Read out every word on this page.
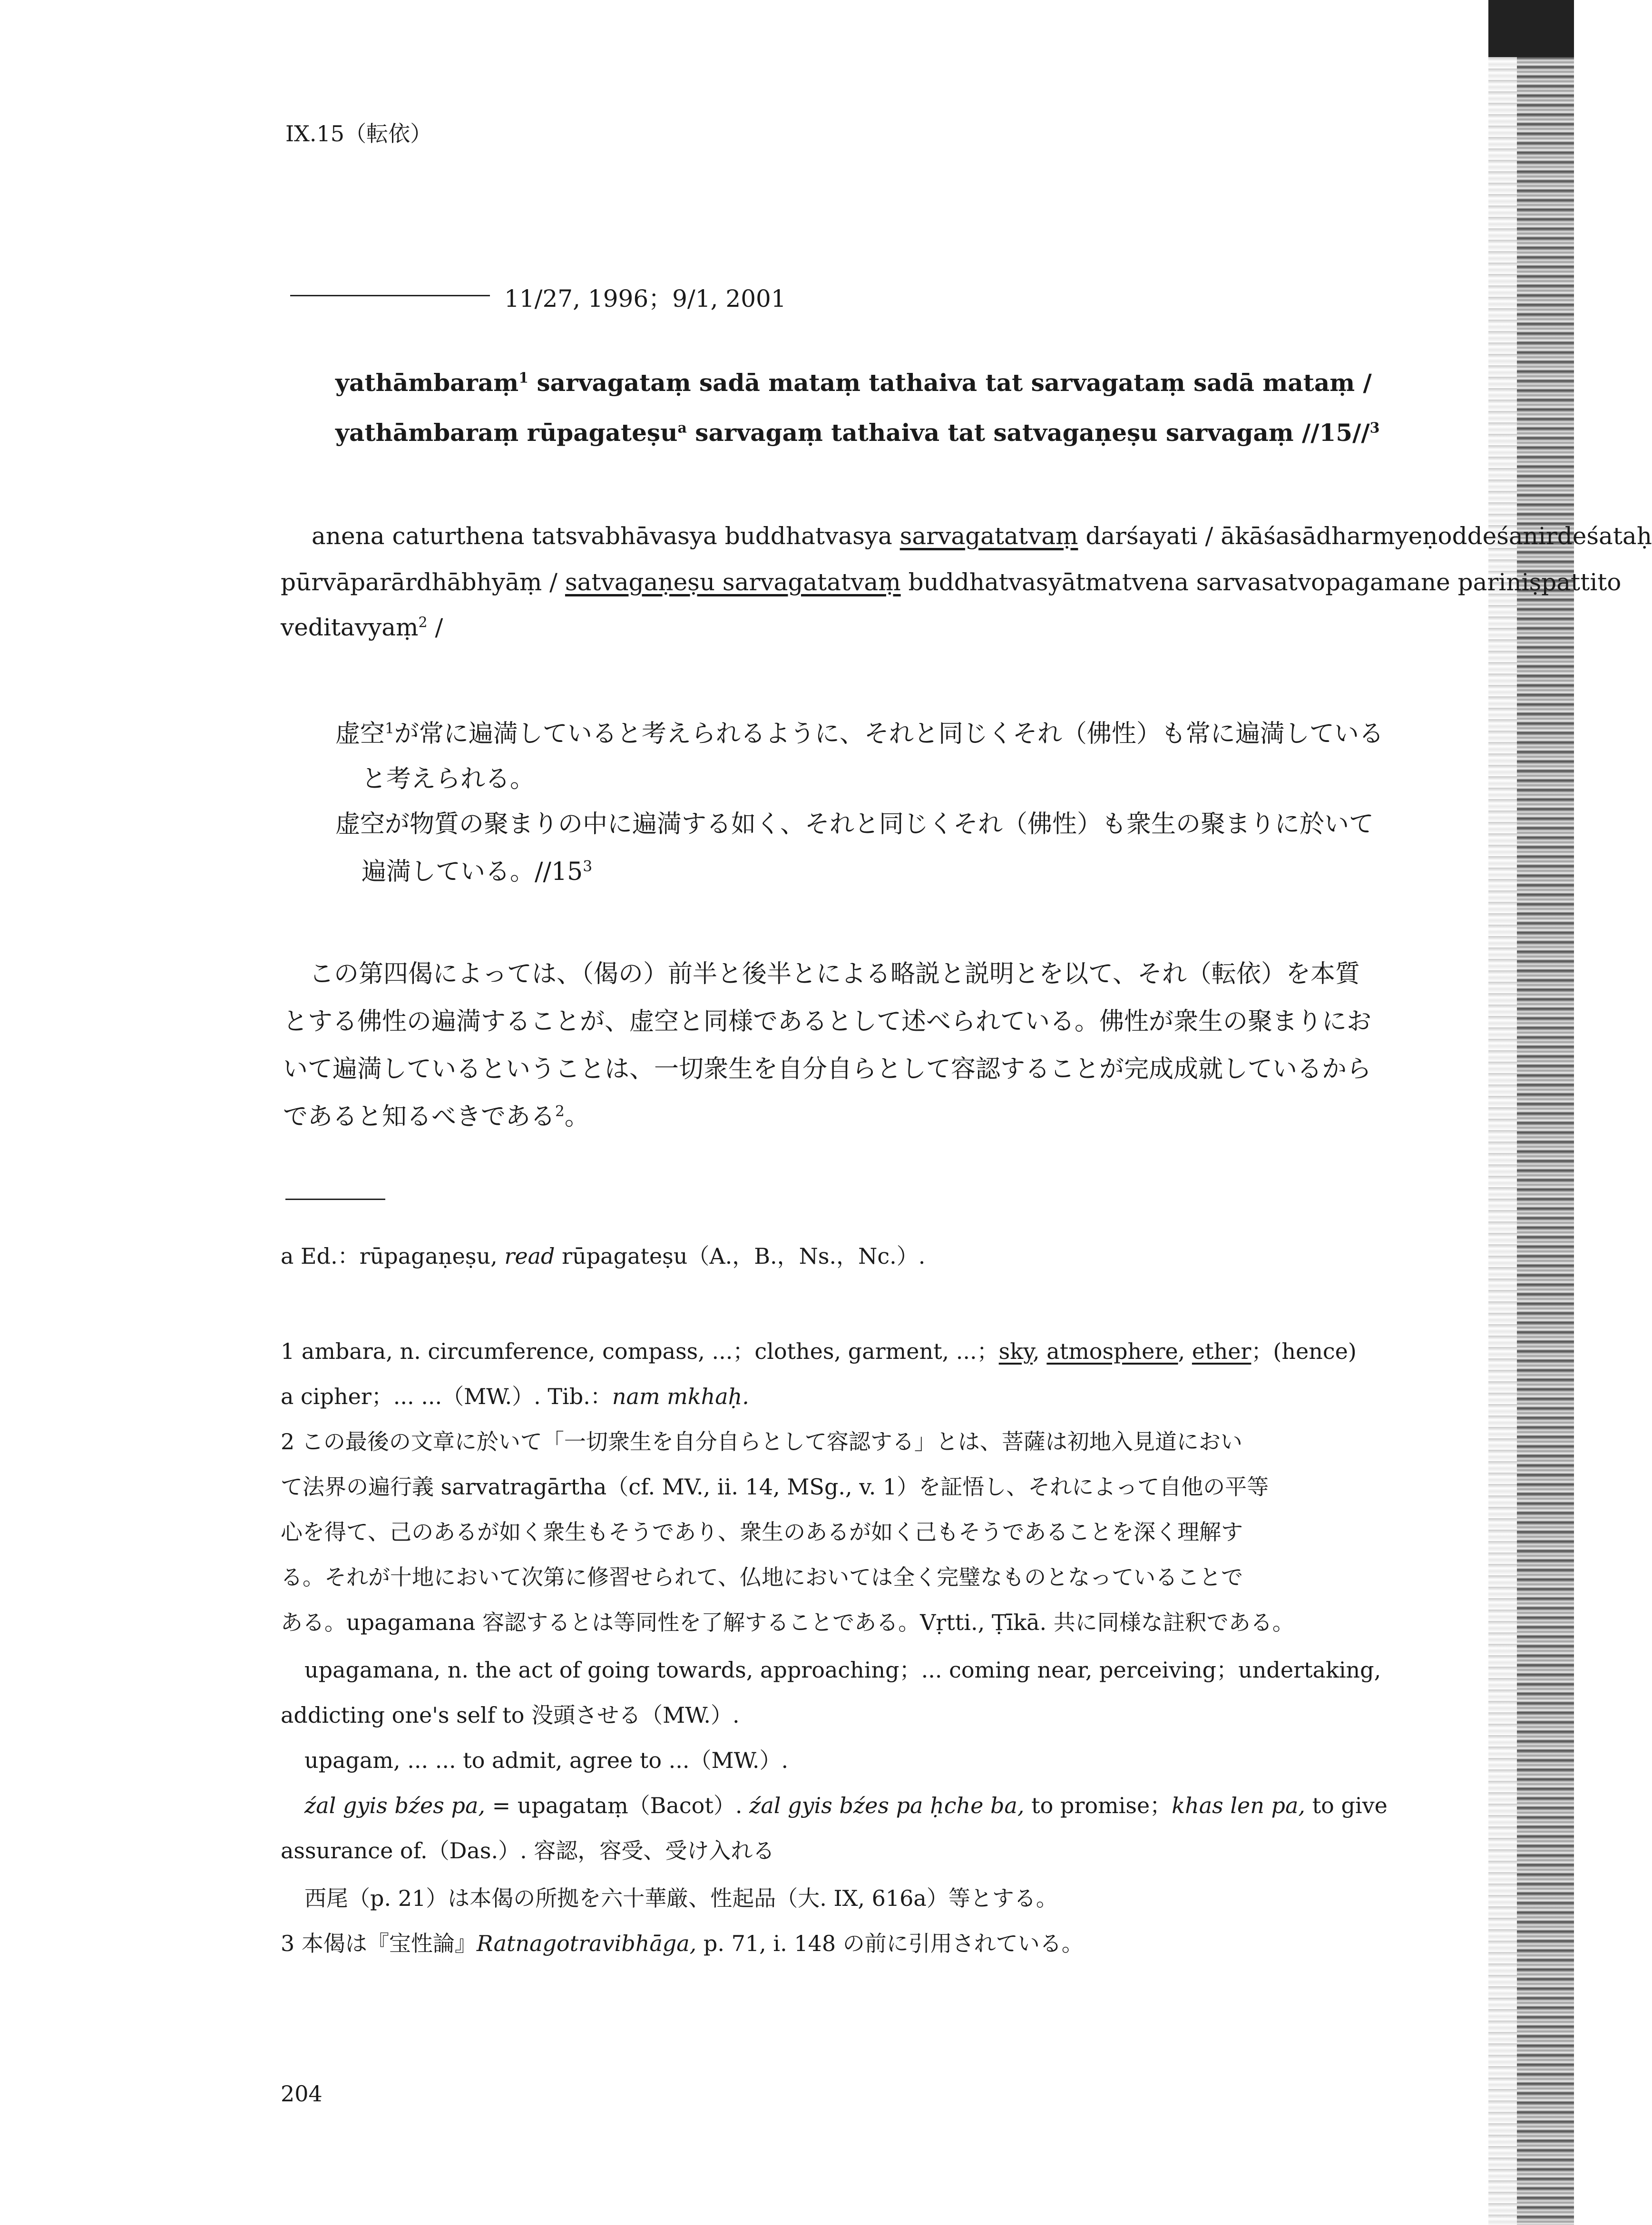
IX.15（転依）
11/27, 1996；9/1, 2001
yathāmbaraṃ$^1$ sarvagataṃ sadā mataṃ tathaiva tat sarvagataṃ sadā mataṃ /
yathāmbaraṃ rūpagateṣu$^a$ sarvagaṃ tathaiva tat satvagaṇeṣu sarvagaṃ //15//$^3$
anena caturthena tatsvabhāvasya buddhatvasya sarvagatatvaṃ darśayati / ākāśasādharmyeṇoddeśanirdeśataḥ
pūrvāparārdhābhyāṃ / satvagaṇeṣu sarvagatatvaṃ buddhatvasyātmatvena sarvasatvopagamane pariniṣpattito
veditavyaṃ$^2$ /
虚空$^1$が常に遍満していると考えられるように、それと同じくそれ（佛性）も常に遍満している
と考えられる。
虚空が物質の聚まりの中に遍満する如く、それと同じくそれ（佛性）も衆生の聚まりに於いて
遍満している。$//15^3$
この第四偈によっては、（偈の）前半と後半とによる略説と説明とを以て、それ（転依）を本質
とする佛性の遍満することが、虚空と同様であるとして述べられている。佛性が衆生の聚まりにお
いて遍満しているということは、一切衆生を自分自らとして容認することが完成成就しているから
であると知るべきである$^2$。
a Ed.：rūpagaṇeṣu, read rūpagateṣu（A.，B.，Ns.，Nc.）.
1 ambara, n. circumference, compass, ...；clothes, garment, ...；sky, atmosphere, ether；(hence)
a cipher；... ...（MW.）. Tib.：nam mkhaḥ.
2 この最後の文章に於いて「一切衆生を自分自らとして容認する」とは、菩薩は初地入見道におい
て法界の遍行義 sarvatragārtha（cf. MV., ii. 14, MSg., v. 1）を証悟し、それによって自他の平等
心を得て、己のあるが如く衆生もそうであり、衆生のあるが如く己もそうであることを深く理解す
る。それが十地において次第に修習せられて、仏地においては全く完璧なものとなっていることで
ある。upagamana 容認するとは等同性を了解することである。Vṛtti., Ṭīkā. 共に同様な註釈である。
upagamana, n. the act of going towards, approaching；... coming near, perceiving；undertaking,
addicting one's self to 没頭させる（MW.）.
upagam, ... ... to admit, agree to ...（MW.）.
źal gyis bźes pa, = upagataṃ（Bacot）. źal gyis bźes pa ḥche ba, to promise；khas len pa, to give
assurance of.（Das.）. 容認，容受、受け入れる
西尾（p. 21）は本偈の所拠を六十華厳、性起品（大. IX, 616a）等とする。
3 本偈は『宝性論』Ratnagotravibhāga, p. 71, i. 148 の前に引用されている。
204
